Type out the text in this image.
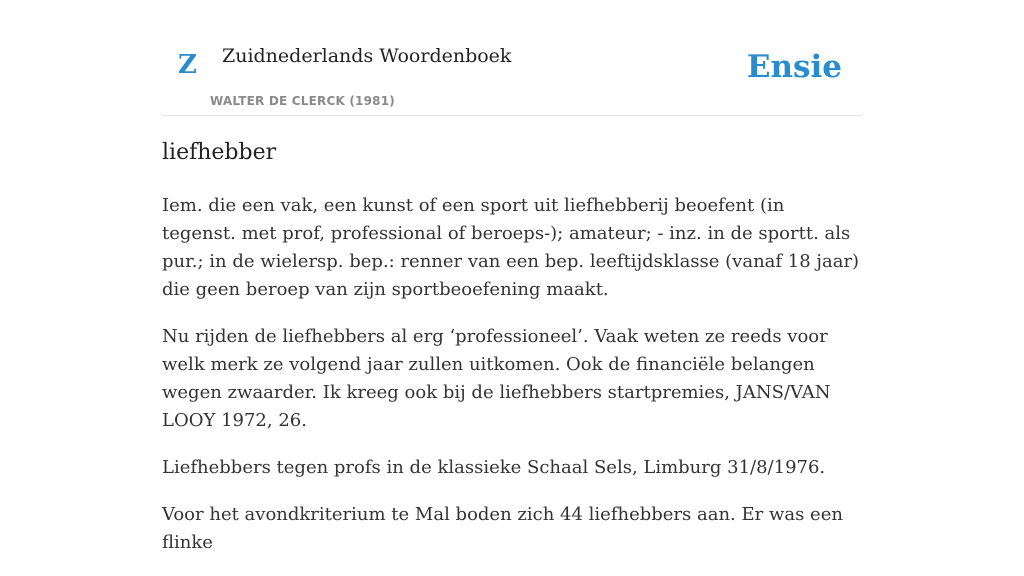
Z Zuidnederlands Woordenboek
WALTER DE CLERCK (1981)
Ensie
liefhebber

Iem. die een vak, een kunst of een sport uit liefhebberij beoefent (in tegenst. met prof, professional of beroeps-); amateur; - inz. in de sportt. als pur.; in de wielersp. bep.: renner van een bep. leeftijdsklasse (vanaf 18 jaar) die geen beroep van zijn sportbeoefening maakt.

Nu rijden de liefhebbers al erg ‘professioneel’. Vaak weten ze reeds voor welk merk ze volgend jaar zullen uitkomen. Ook de financiële belangen wegen zwaarder. Ik kreeg ook bij de liefhebbers startpremies, JANS/VAN LOOY 1972, 26.

Liefhebbers tegen profs in de klassieke Schaal Sels, Limburg 31/8/1976.

Voor het avondkriterium te Mal boden zich 44 liefhebbers aan. Er was een flinke
